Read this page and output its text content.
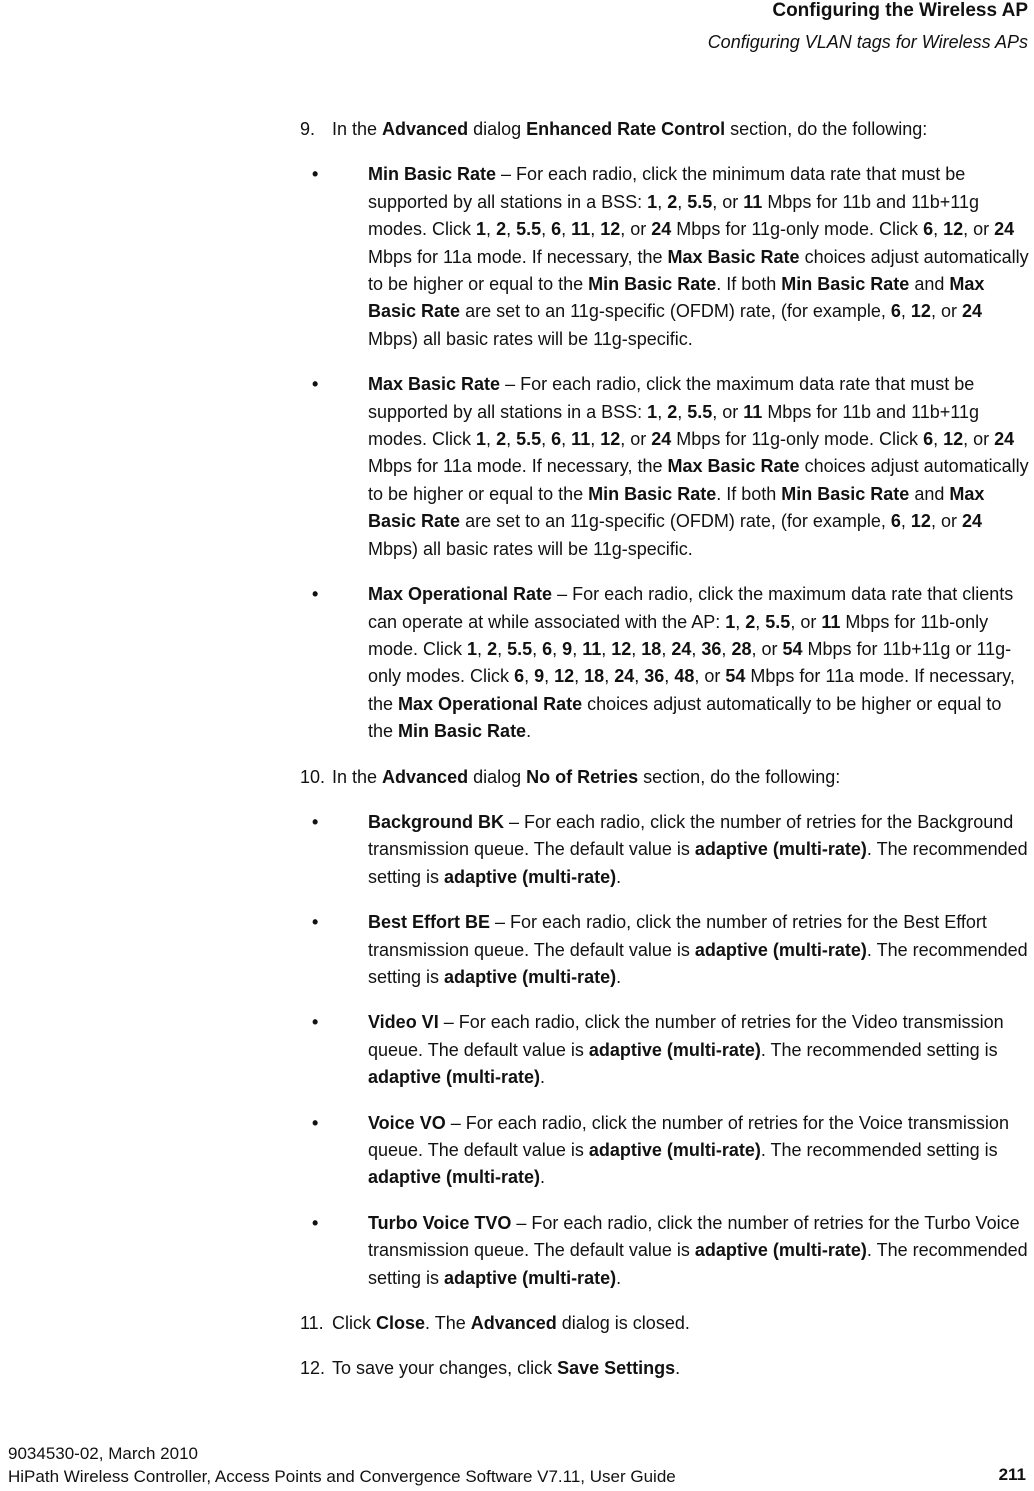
Configuring the Wireless AP
Configuring VLAN tags for Wireless APs
9. In the Advanced dialog Enhanced Rate Control section, do the following:
•	Min Basic Rate – For each radio, click the minimum data rate that must be supported by all stations in a BSS: 1, 2, 5.5, or 11 Mbps for 11b and 11b+11g modes. Click 1, 2, 5.5, 6, 11, 12, or 24 Mbps for 11g-only mode. Click 6, 12, or 24 Mbps for 11a mode. If necessary, the Max Basic Rate choices adjust automatically to be higher or equal to the Min Basic Rate. If both Min Basic Rate and Max Basic Rate are set to an 11g-specific (OFDM) rate, (for example, 6, 12, or 24 Mbps) all basic rates will be 11g-specific.
•	Max Basic Rate – For each radio, click the maximum data rate that must be supported by all stations in a BSS: 1, 2, 5.5, or 11 Mbps for 11b and 11b+11g modes. Click 1, 2, 5.5, 6, 11, 12, or 24 Mbps for 11g-only mode. Click 6, 12, or 24 Mbps for 11a mode. If necessary, the Max Basic Rate choices adjust automatically to be higher or equal to the Min Basic Rate. If both Min Basic Rate and Max Basic Rate are set to an 11g-specific (OFDM) rate, (for example, 6, 12, or 24 Mbps) all basic rates will be 11g-specific.
•	Max Operational Rate – For each radio, click the maximum data rate that clients can operate at while associated with the AP: 1, 2, 5.5, or 11 Mbps for 11b-only mode. Click 1, 2, 5.5, 6, 9, 11, 12, 18, 24, 36, 28, or 54 Mbps for 11b+11g or 11g-only modes. Click 6, 9, 12, 18, 24, 36, 48, or 54 Mbps for 11a mode. If necessary, the Max Operational Rate choices adjust automatically to be higher or equal to the Min Basic Rate.
10. In the Advanced dialog No of Retries section, do the following:
•	Background BK – For each radio, click the number of retries for the Background transmission queue. The default value is adaptive (multi-rate). The recommended setting is adaptive (multi-rate).
•	Best Effort BE – For each radio, click the number of retries for the Best Effort transmission queue. The default value is adaptive (multi-rate). The recommended setting is adaptive (multi-rate).
•	Video VI – For each radio, click the number of retries for the Video transmission queue. The default value is adaptive (multi-rate). The recommended setting is adaptive (multi-rate).
•	Voice VO – For each radio, click the number of retries for the Voice transmission queue. The default value is adaptive (multi-rate). The recommended setting is adaptive (multi-rate).
•	Turbo Voice TVO – For each radio, click the number of retries for the Turbo Voice transmission queue. The default value is adaptive (multi-rate). The recommended setting is adaptive (multi-rate).
11. Click Close. The Advanced dialog is closed.
12. To save your changes, click Save Settings.
9034530-02, March 2010
HiPath Wireless Controller, Access Points and Convergence Software V7.11, User Guide	211
